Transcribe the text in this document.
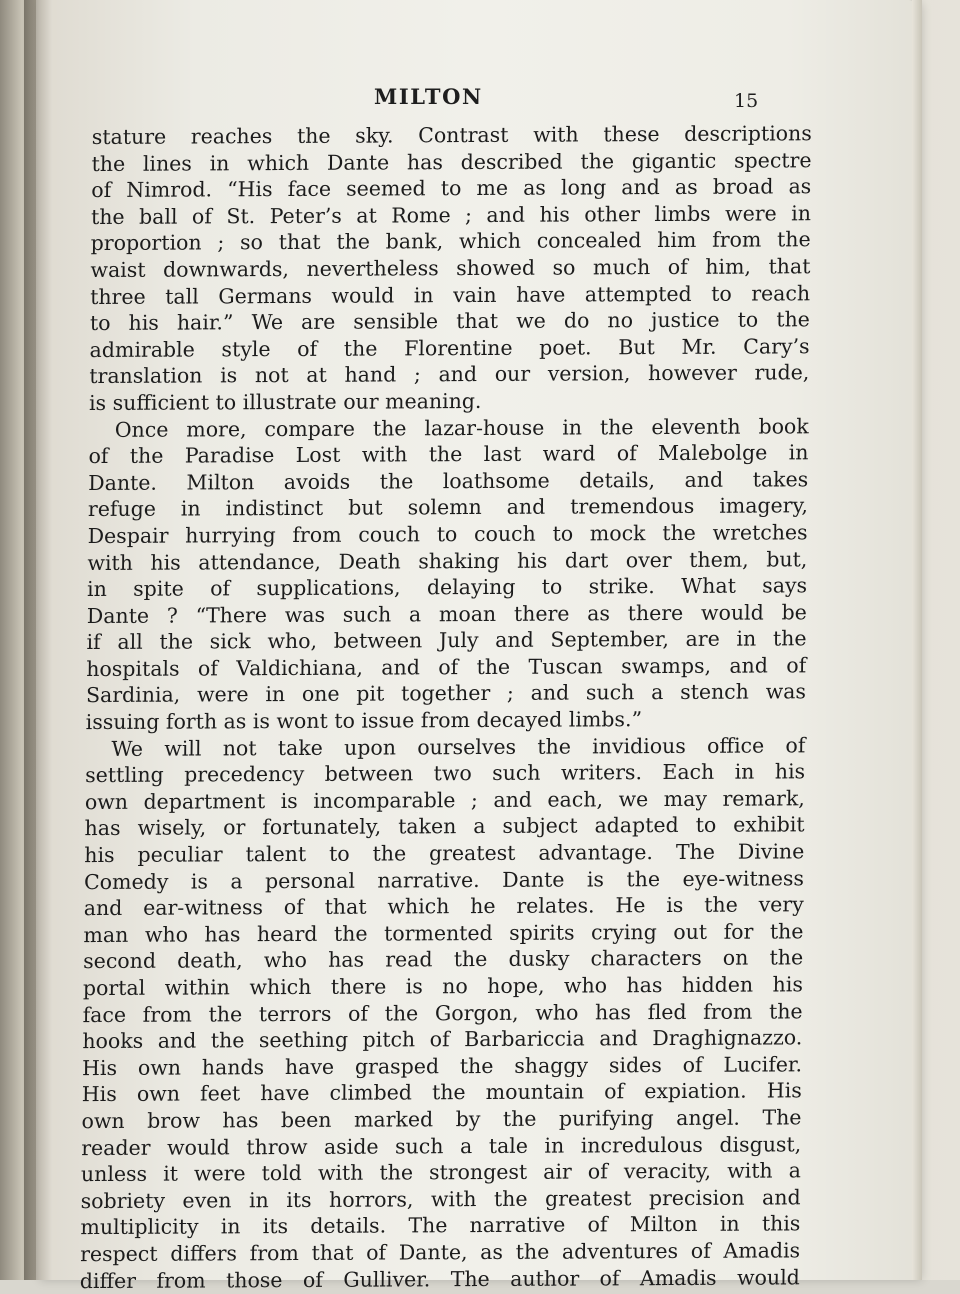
MILTON	15
stature reaches the sky. Contrast with these descriptions
the lines in which Dante has described the gigantic spectre
of Nimrod. “His face seemed to me as long and as broad as
the ball of St. Peter’s at Rome ; and his other limbs were in
proportion ; so that the bank, which concealed him from the
waist downwards, nevertheless showed so much of him, that
three tall Germans would in vain have attempted to reach
to his hair.” We are sensible that we do no justice to the
admirable style of the Florentine poet. But Mr. Cary’s
translation is not at hand ; and our version, however rude,
is sufficient to illustrate our meaning.
Once more, compare the lazar-house in the eleventh book
of the Paradise Lost with the last ward of Malebolge in
Dante. Milton avoids the loathsome details, and takes
refuge in indistinct but solemn and tremendous imagery,
Despair hurrying from couch to couch to mock the wretches
with his attendance, Death shaking his dart over them, but,
in spite of supplications, delaying to strike. What says
Dante ? “There was such a moan there as there would be
if all the sick who, between July and September, are in the
hospitals of Valdichiana, and of the Tuscan swamps, and of
Sardinia, were in one pit together ; and such a stench was
issuing forth as is wont to issue from decayed limbs.”
We will not take upon ourselves the invidious office of
settling precedency between two such writers. Each in his
own department is incomparable ; and each, we may remark,
has wisely, or fortunately, taken a subject adapted to exhibit
his peculiar talent to the greatest advantage. The Divine
Comedy is a personal narrative. Dante is the eye-witness
and ear-witness of that which he relates. He is the very
man who has heard the tormented spirits crying out for the
second death, who has read the dusky characters on the
portal within which there is no hope, who has hidden his
face from the terrors of the Gorgon, who has fled from the
hooks and the seething pitch of Barbariccia and Draghignazzo.
His own hands have grasped the shaggy sides of Lucifer.
His own feet have climbed the mountain of expiation. His
own brow has been marked by the purifying angel. The
reader would throw aside such a tale in incredulous disgust,
unless it were told with the strongest air of veracity, with a
sobriety even in its horrors, with the greatest precision and
multiplicity in its details. The narrative of Milton in this
respect differs from that of Dante, as the adventures of Amadis
differ from those of Gulliver. The author of Amadis would
